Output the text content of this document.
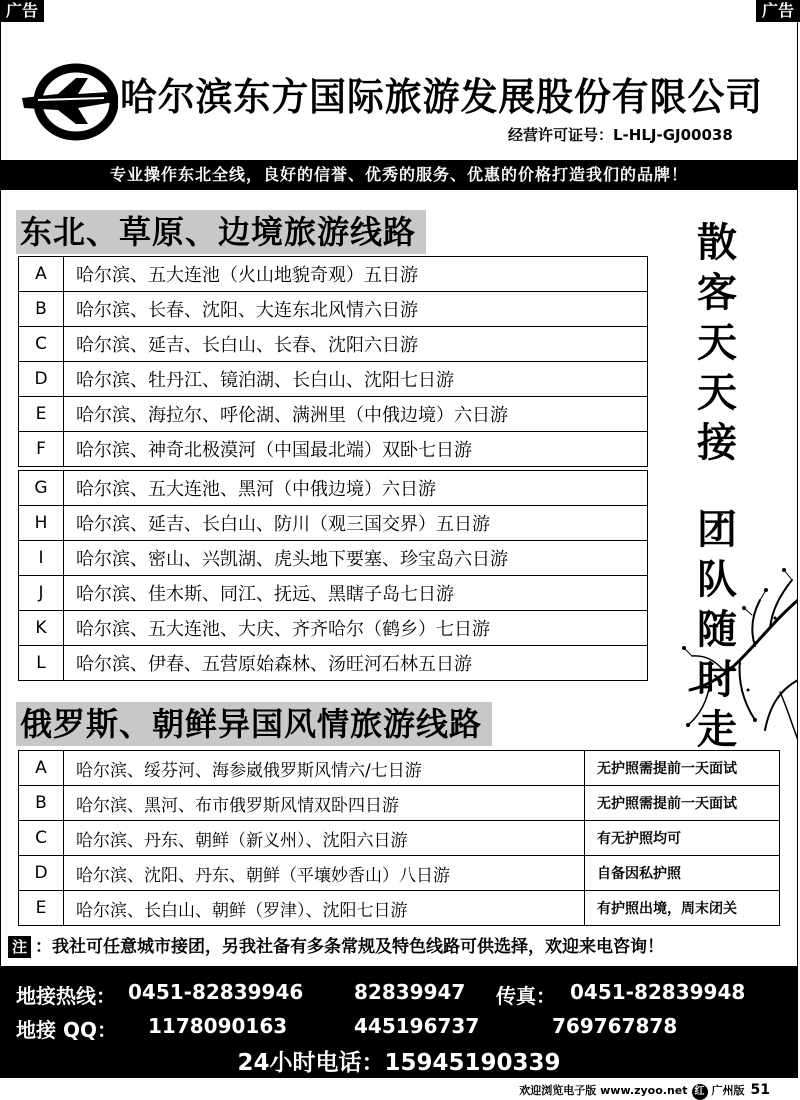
广告	广告
哈尔滨东方国际旅游发展股份有限公司
经营许可证号：L-HLJ-GJ00038
专业操作东北全线，良好的信誉、优秀的服务、优惠的价格打造我们的品牌！
东北、草原、边境旅游线路
A	哈尔滨、五大连池（火山地貌奇观）五日游
B	哈尔滨、长春、沈阳、大连东北风情六日游
C	哈尔滨、延吉、长白山、长春、沈阳六日游
D	哈尔滨、牡丹江、镜泊湖、长白山、沈阳七日游
E	哈尔滨、海拉尔、呼伦湖、满洲里（中俄边境）六日游
F	哈尔滨、神奇北极漠河（中国最北端）双卧七日游
G	哈尔滨、五大连池、黑河（中俄边境）六日游
H	哈尔滨、延吉、长白山、防川（观三国交界）五日游
I	哈尔滨、密山、兴凯湖、虎头地下要塞、珍宝岛六日游
J	哈尔滨、佳木斯、同江、抚远、黑瞎子岛七日游
K	哈尔滨、五大连池、大庆、齐齐哈尔（鹤乡）七日游
L	哈尔滨、伊春、五营原始森林、汤旺河石林五日游
散
客
天
天
接
团
队
随
时
走
俄罗斯、朝鲜异国风情旅游线路
A	哈尔滨、绥芬河、海参崴俄罗斯风情六/七日游	无护照需提前一天面试
B	哈尔滨、黑河、布市俄罗斯风情双卧四日游	无护照需提前一天面试
C	哈尔滨、丹东、朝鲜（新义州）、沈阳六日游	有无护照均可
D	哈尔滨、沈阳、丹东、朝鲜（平壤妙香山）八日游	自备因私护照
E	哈尔滨、长白山、朝鲜（罗津）、沈阳七日游	有护照出境，周末闭关
注 ：我社可任意城市接团，另我社备有多条常规及特色线路可供选择，欢迎来电咨询！
地接热线： 0451-82839946	82839947 传真： 0451-82839948
地接 QQ： 1178090163	445196737	769767878
24小时电话：15945190339
欢迎浏览电子版 www.zyoo.net 红 广州版 51
